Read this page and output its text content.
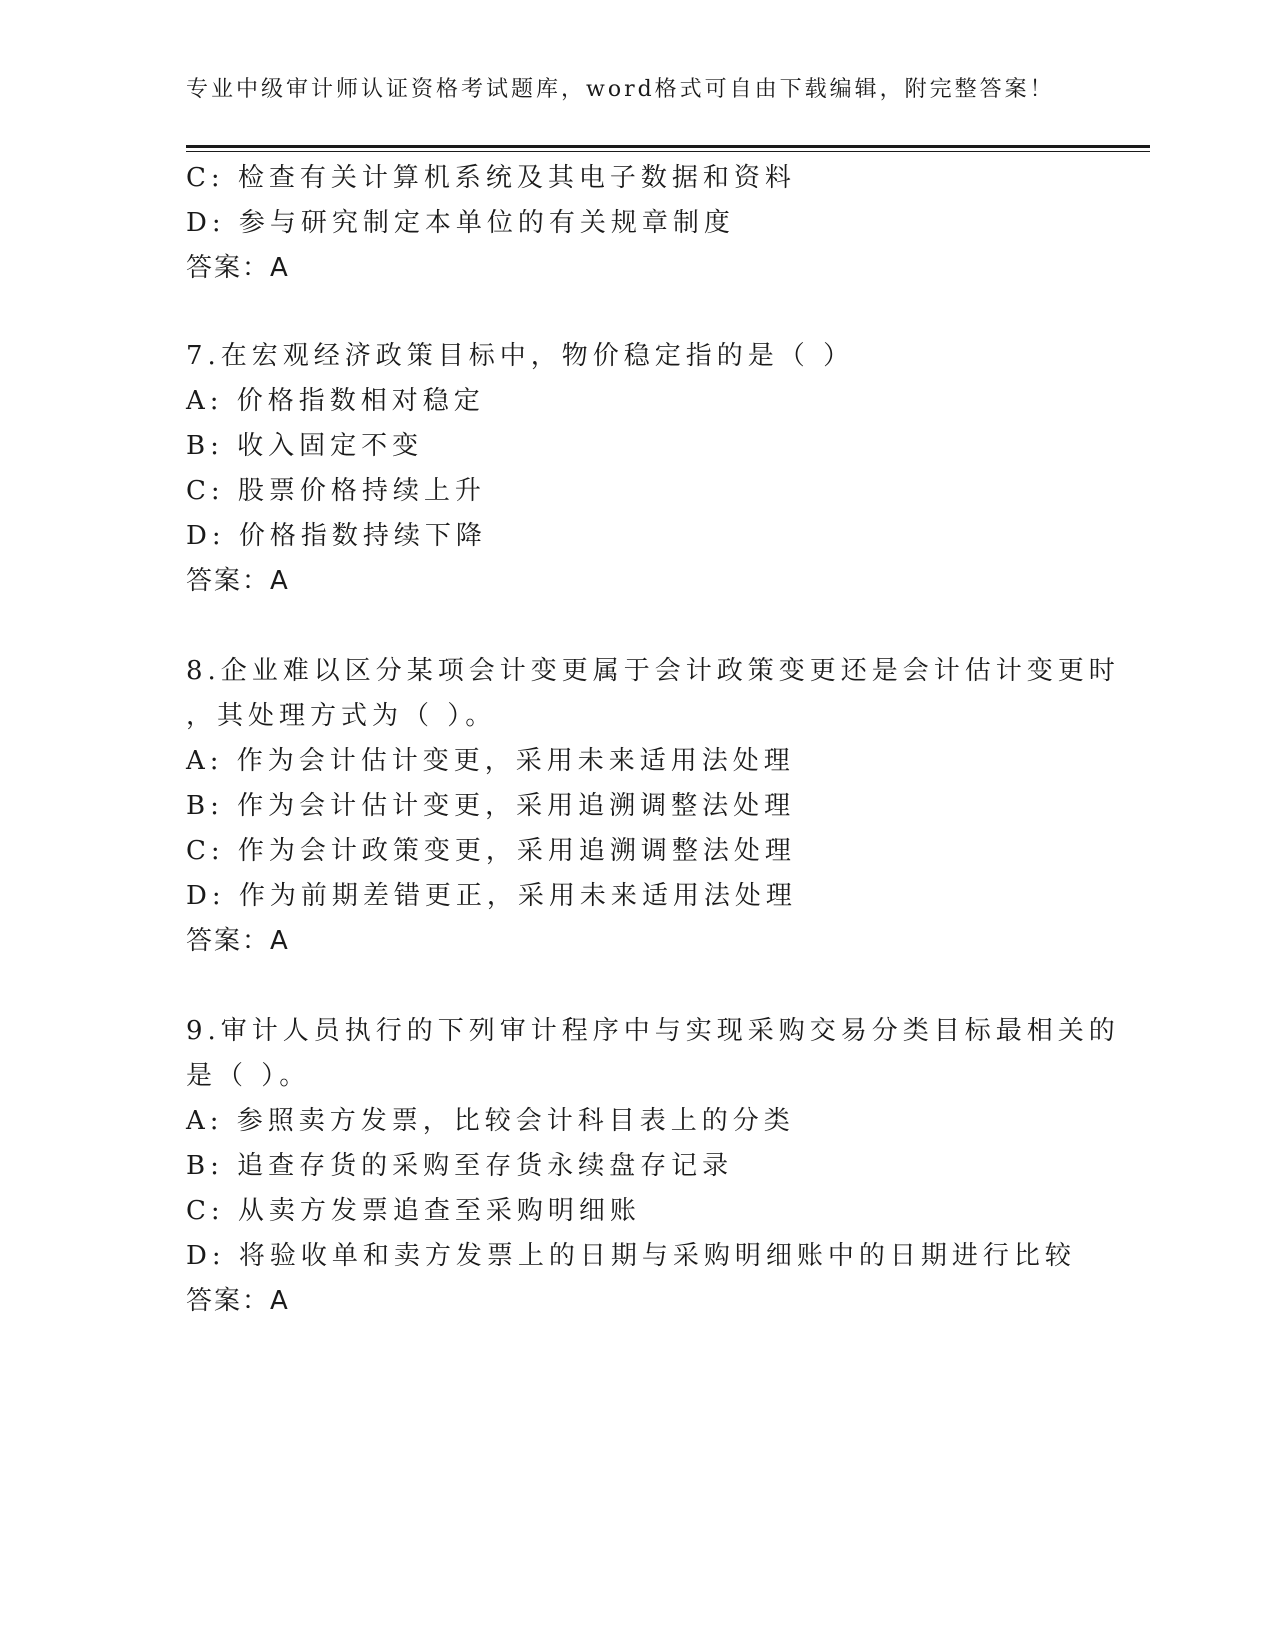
专业中级审计师认证资格考试题库，word格式可自由下载编辑，附完整答案！
C: 检查有关计算机系统及其电子数据和资料
D: 参与研究制定本单位的有关规章制度
答案：A
7.在宏观经济政策目标中，物价稳定指的是（ ）
A: 价格指数相对稳定
B: 收入固定不变
C: 股票价格持续上升
D: 价格指数持续下降
答案：A
8.企业难以区分某项会计变更属于会计政策变更还是会计估计变更时
，其处理方式为（ ）。
A: 作为会计估计变更，采用未来适用法处理
B: 作为会计估计变更，采用追溯调整法处理
C: 作为会计政策变更，采用追溯调整法处理
D: 作为前期差错更正，采用未来适用法处理
答案：A
9.审计人员执行的下列审计程序中与实现采购交易分类目标最相关的
是（ ）。
A: 参照卖方发票，比较会计科目表上的分类
B: 追查存货的采购至存货永续盘存记录
C: 从卖方发票追查至采购明细账
D: 将验收单和卖方发票上的日期与采购明细账中的日期进行比较
答案：A
